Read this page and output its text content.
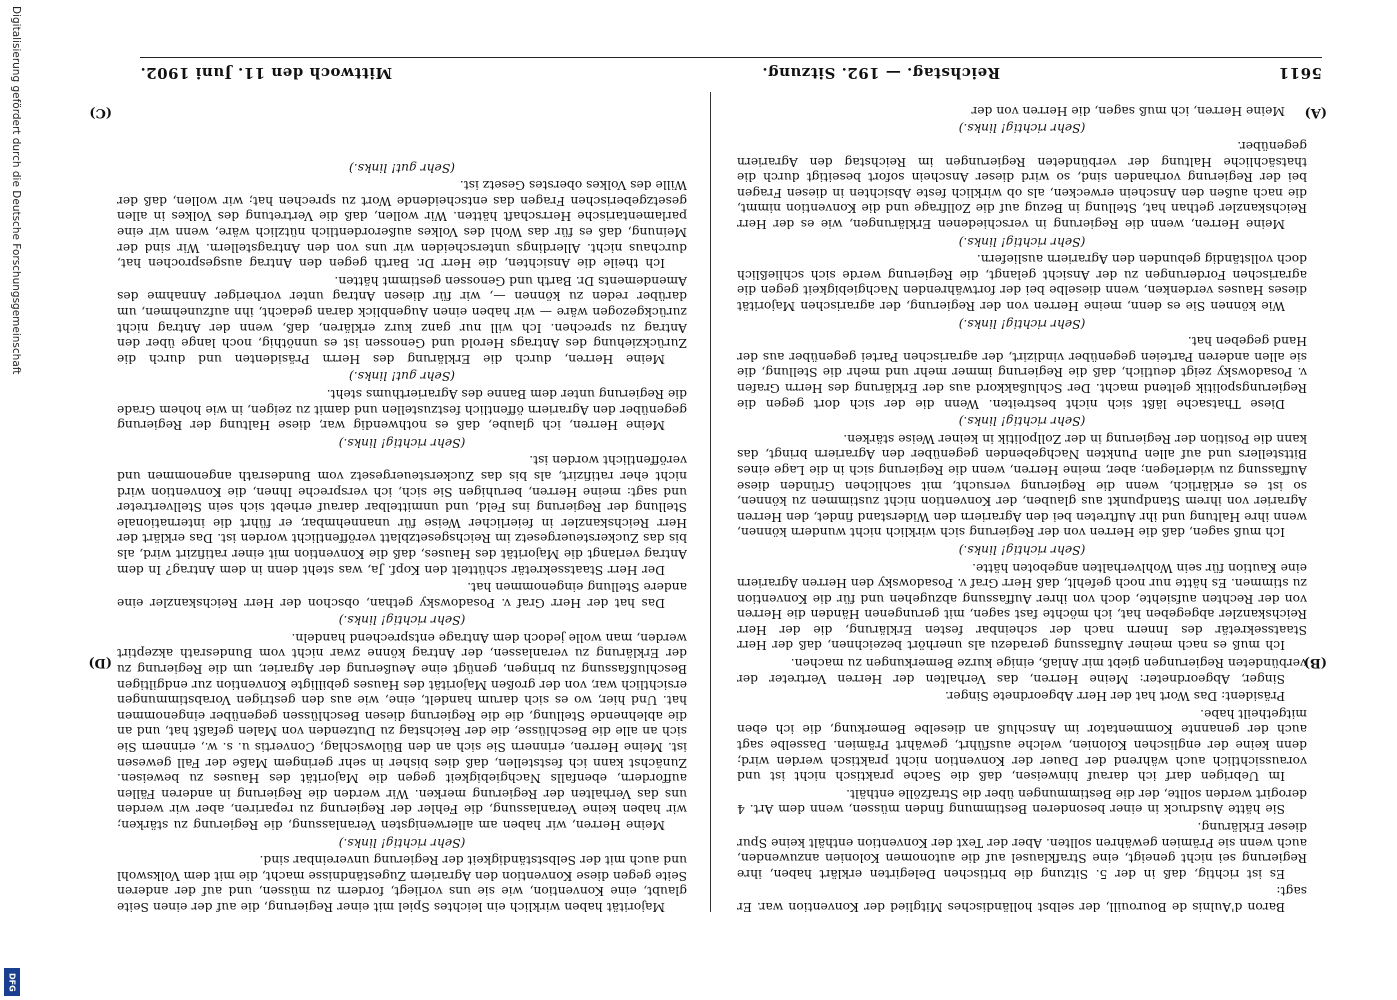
5611
Reichstag. — 192. Sitzung.
Mittwoch den 11. Juni 1902.

Baron d'Aulnis de Bourouill, der selbst holländisches Mitglied der Konvention war. Er sagt:

Es ist richtig, daß in der 5. Sitzung die britischen Delegirten erklärt haben, ihre Regierung sei nicht geneigt, eine Strafklausel auf die autonomen Kolonien anzuwenden, auch wenn sie Prämien gewähren sollten. Aber der Text der Konvention enthält keine Spur dieser Erklärung.

Sie hätte Ausdruck in einer besonderen Bestimmung finden müssen, wenn dem Art. 4 derogirt werden sollte, der die Bestimmungen über die Strafzölle enthält.

Im Uebrigen darf ich darauf hinweisen, daß die Sache praktisch nicht ist und voraussichtlich auch während der Dauer der Konvention nicht praktisch werden wird; denn keine der englischen Kolonien, welche ausführt, gewährt Prämien. Dasselbe sagt auch der genannte Kommentator im Anschluß an dieselbe Bemerkung, die ich eben mitgetheilt habe.

Präsident: Das Wort hat der Herr Abgeordnete Singer.

Singer, Abgeordneter: Meine Herren, das Verhalten der Herren Vertreter der verbündeten Regierungen giebt mir Anlaß, einige kurze Bemerkungen zu machen.

Ich muß es nach meiner Auffassung geradezu als unerhört bezeichnen, daß der Herr Staatssekretär des Innern nach der scheinbar festen Erklärung, die der Herr Reichskanzler abgegeben hat, ich möchte fast sagen, mit gerungenen Händen die Herren von der Rechten aufsiehte, doch von ihrer Auffassung abzugehen und für die Konvention zu stimmen. Es hätte nur noch gefehlt, daß Herr Graf v. Posadowsky den Herren Agrariern eine Kaution für sein Wohlverhalten angeboten hätte.

(Sehr richtig! links.)

Ich muß sagen, daß die Herren von der Regierung sich wirklich nicht wundern können, wenn ihre Haltung und ihr Auftreten bei den Agrariern den Widerstand findet, den Herren Agrarier von ihrem Standpunkt aus glauben, der Konvention nicht zustimmen zu können, so ist es erklärlich, wenn die Regierung versucht, mit sachlichen Gründen diese Auffassung zu widerlegen; aber, meine Herren, wenn die Regierung sich in die Lage eines Bittstellers und auf allen Punkten Nachgebenden gegenüber den Agrariern bringt, das kann die Position der Regierung in der Zollpolitik in keiner Weise stärken.

(Sehr richtig! links.)

Diese Thatsache läßt sich nicht bestreiten. Wenn die der sich dort gegen die Regierungspolitik geltend macht. Der Schlußakkord aus der Erklärung des Herrn Grafen v. Posadowsky zeigt deutlich, daß die Regierung immer mehr und mehr die Stellung, die sie allen anderen Parteien gegenüber vindizirt, der agrarischen Partei gegenüber aus der Hand gegeben hat.

(Sehr richtig! links.)

Wie können Sie es denn, meine Herren von der Regierung, der agrarischen Majorität dieses Hauses verdenken, wenn dieselbe bei der fortwährenden Nachgiebigkeit gegen die agrarischen Forderungen zu der Ansicht gelangt, die Regierung werde sich schließlich doch vollständig gebunden den Agrariern ausliefern.

(Sehr richtig! links.)

Meine Herren, wenn die Regierung in verschiedenen Erklärungen, wie es der Herr Reichskanzler gethan hat, Stellung in Bezug auf die Zollfrage und die Konvention nimmt, die nach außen den Anschein erwecken, als ob wirklich feste Absichten in diesen Fragen bei der Regierung vorhanden sind, so wird dieser Anschein sofort beseitigt durch die thatsächliche Haltung der verbündeten Regierungen im Reichstag den Agrariern gegenüber.

(Sehr richtig! links.)

Meine Herren, ich muß sagen, die Herren von der

Majorität haben wirklich ein leichtes Spiel mit einer Regierung, die auf der einen Seite glaubt, eine Konvention, wie sie uns vorliegt, fordern zu müssen, und auf der anderen Seite gegen diese Konvention den Agrariern Zugeständnisse macht, die mit dem Volkswohl und auch mit der Selbstständigkeit der Regierung unvereinbar sind.

(Sehr richtig! links.)

Meine Herren, wir haben am allerwenigsten Veranlassung, die Regierung zu stärken; wir haben keine Veranlassung, die Fehler der Regierung zu repariren, aber wir werden uns das Verhalten der Regierung merken. Wir werden die Regierung in anderen Fällen auffordern, ebenfalls Nachgiebigkeit gegen die Majorität des Hauses zu beweisen. Zunächst kann ich feststellen, daß dies bisher in sehr geringem Maße der Fall gewesen ist. Meine Herren, erinnern Sie sich an den Bülowschlag, Convertis u. s. w., erinnern Sie sich an alle die Beschlüsse, die der Reichstag zu Dutzenden von Malen gefaßt hat, und an die ablehnende Stellung, die die Regierung diesen Beschlüssen gegenüber eingenommen hat. Und hier, wo es sich darum handelt, eine, wie aus den gestrigen Vorabstimmungen ersichtlich war, von der großen Majorität des Hauses gebilligte Konvention zur endgiltigen Beschlußfassung zu bringen, genügt eine Aeußerung der Agrarier, um die Regierung zu der Erklärung zu veranlassen, der Antrag könne zwar nicht vom Bundesrath akzeptirt werden, man wolle jedoch dem Antrage entsprechend handeln.

(Sehr richtig! links.)

Das hat der Herr Graf v. Posadowsky gethan, obschon der Herr Reichskanzler eine andere Stellung eingenommen hat.

Der Herr Staatssekretär schüttelt den Kopf. Ja, was steht denn in dem Antrag? In dem Antrag verlangt die Majorität des Hauses, daß die Konvention mit einer ratifizirt wird, als bis das Zuckersteuergesetz im Reichsgesetzblatt veröffentlicht worden ist. Das erklärt der Herr Reichskanzler in feierlicher Weise für unannehmbar, er führt die internationale Stellung der Regierung ins Feld, und unmittelbar darauf erhebt sich sein Stellvertreter und sagt: meine Herren, beruhigen Sie sich, ich verspreche Ihnen, die Konvention wird nicht eher ratifizirt, als bis das Zuckersteuergesetz vom Bundesrath angenommen und veröffentlicht worden ist.

(Sehr richtig! links.)

Meine Herren, ich glaube, daß es nothwendig war, diese Haltung der Regierung gegenüber den Agrariern öffentlich festzustellen und damit zu zeigen, in wie hohem Grade die Regierung unter dem Banne des Agrarierthums steht.

(Sehr gut! links.)

Meine Herren, durch die Erklärung des Herrn Präsidenten und durch die Zurückziehung des Antrags Herold und Genossen ist es unnöthig, noch lange über den Antrag zu sprechen. Ich will nur ganz kurz erklären, daß, wenn der Antrag nicht zurückgezogen wäre — wir haben einen Augenblick daran gedacht, ihn aufzunehmen, um darüber reden zu können —, wir für diesen Antrag unter vorheriger Annahme des Amendements Dr. Barth und Genossen gestimmt hätten.

Ich theile die Ansichten, die Herr Dr. Barth gegen den Antrag ausgesprochen hat, durchaus nicht. Allerdings unterscheiden wir uns von den Antragstellern. Wir sind der Meinung, daß es für das Wohl des Volkes außerordentlich nützlich wäre, wenn wir eine parlamentarische Herrschaft hätten. Wir wollen, daß die Vertretung des Volkes in allen gesetzgeberischen Fragen das entscheidende Wort zu sprechen hat; wir wollen, daß der Wille des Volkes oberstes Gesetz ist.

(Sehr gut! links.)

(A)
(B)
(C)
(D)
Digitalisierung gefördert durch die Deutsche Forschungsgemeinschaft
DFG
